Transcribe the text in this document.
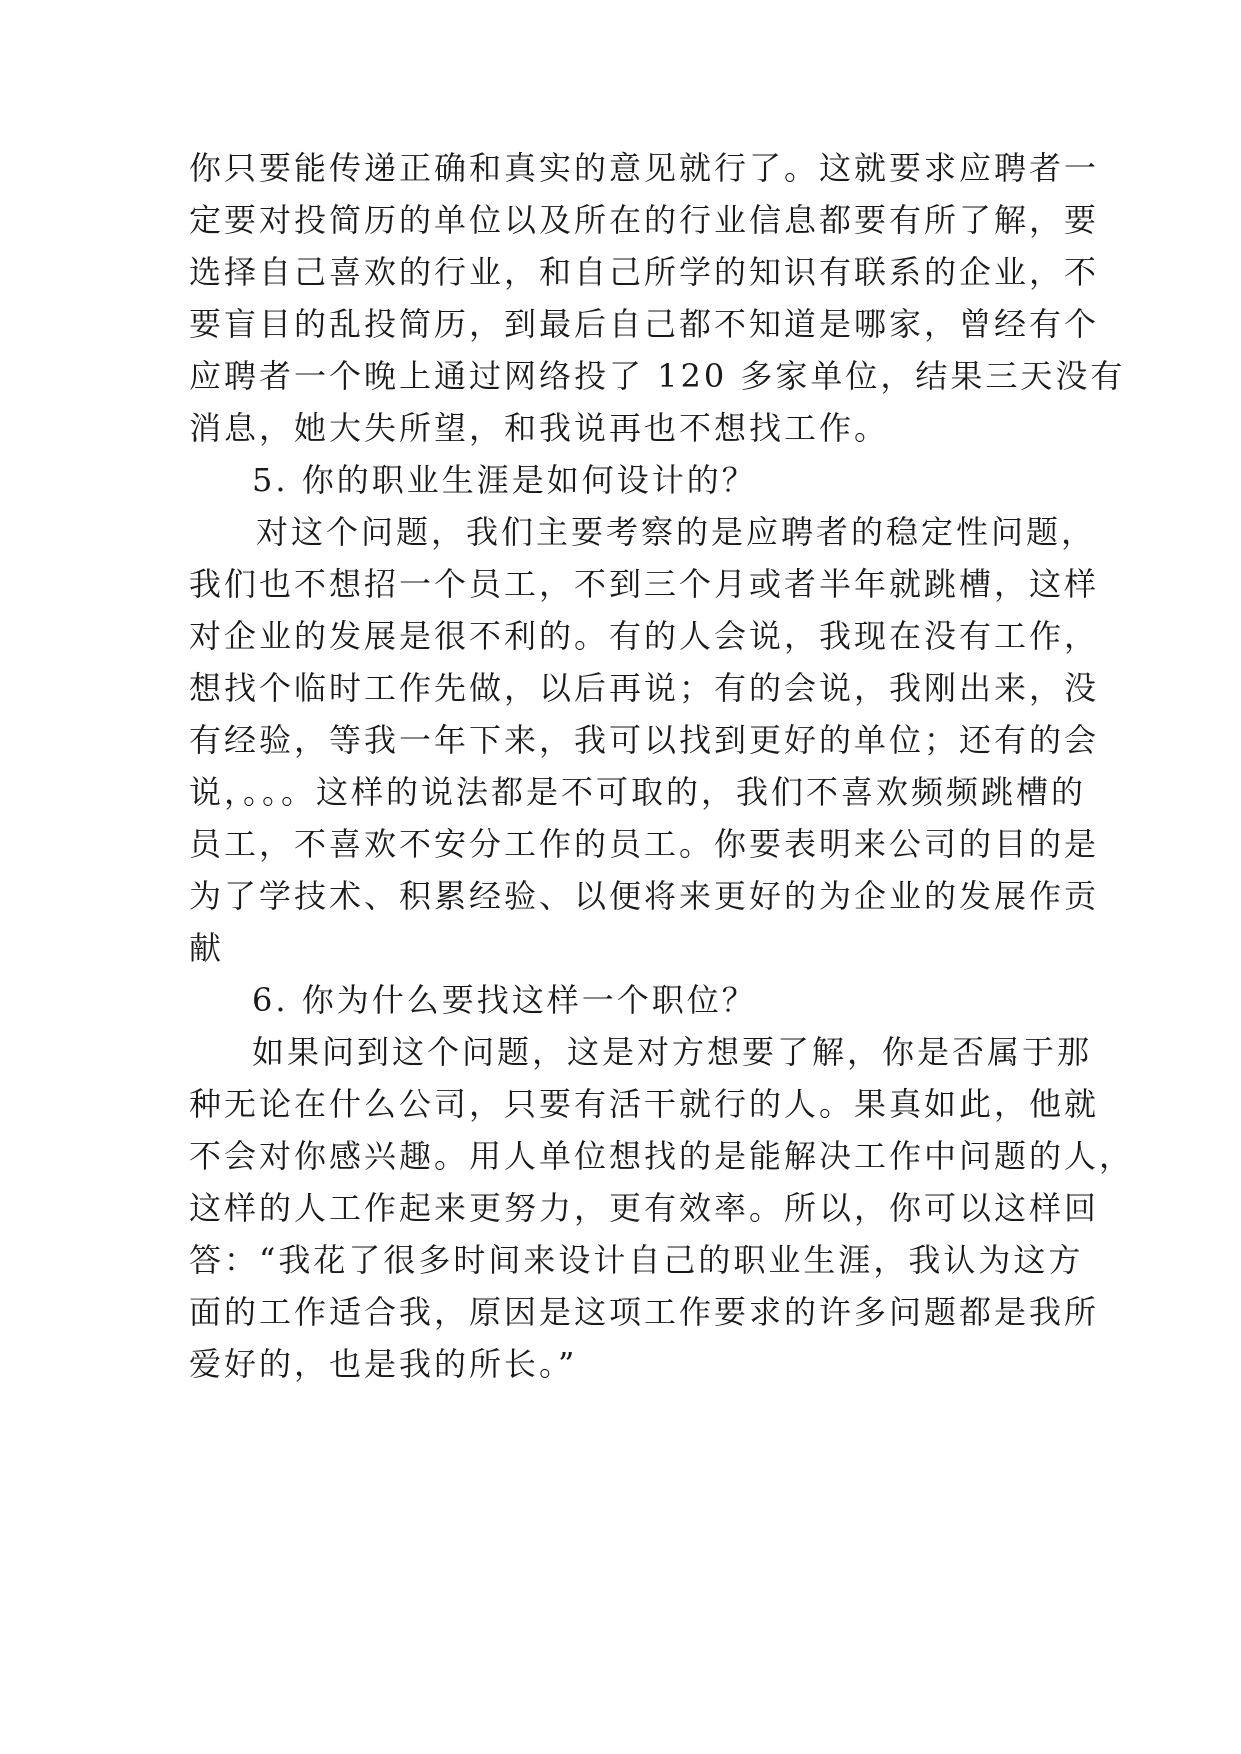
你只要能传递正确和真实的意见就行了。这就要求应聘者一
定要对投简历的单位以及所在的行业信息都要有所了解，要
选择自己喜欢的行业，和自己所学的知识有联系的企业，不
要盲目的乱投简历，到最后自己都不知道是哪家，曾经有个
应聘者一个晚上通过网络投了 120 多家单位，结果三天没有
消息，她大失所望，和我说再也不想找工作。
5. 你的职业生涯是如何设计的？
对这个问题，我们主要考察的是应聘者的稳定性问题，
我们也不想招一个员工，不到三个月或者半年就跳槽，这样
对企业的发展是很不利的。有的人会说，我现在没有工作，
想找个临时工作先做，以后再说；有的会说，我刚出来，没
有经验，等我一年下来，我可以找到更好的单位；还有的会
说，。。。这样的说法都是不可取的，我们不喜欢频频跳槽的
员工，不喜欢不安分工作的员工。你要表明来公司的目的是
为了学技术、积累经验、以便将来更好的为企业的发展作贡
献
6. 你为什么要找这样一个职位？
如果问到这个问题，这是对方想要了解，你是否属于那
种无论在什么公司，只要有活干就行的人。果真如此，他就
不会对你感兴趣。用人单位想找的是能解决工作中问题的人，
这样的人工作起来更努力，更有效率。所以，你可以这样回
答：“我花了很多时间来设计自己的职业生涯，我认为这方
面的工作适合我，原因是这项工作要求的许多问题都是我所
爱好的，也是我的所长。”
